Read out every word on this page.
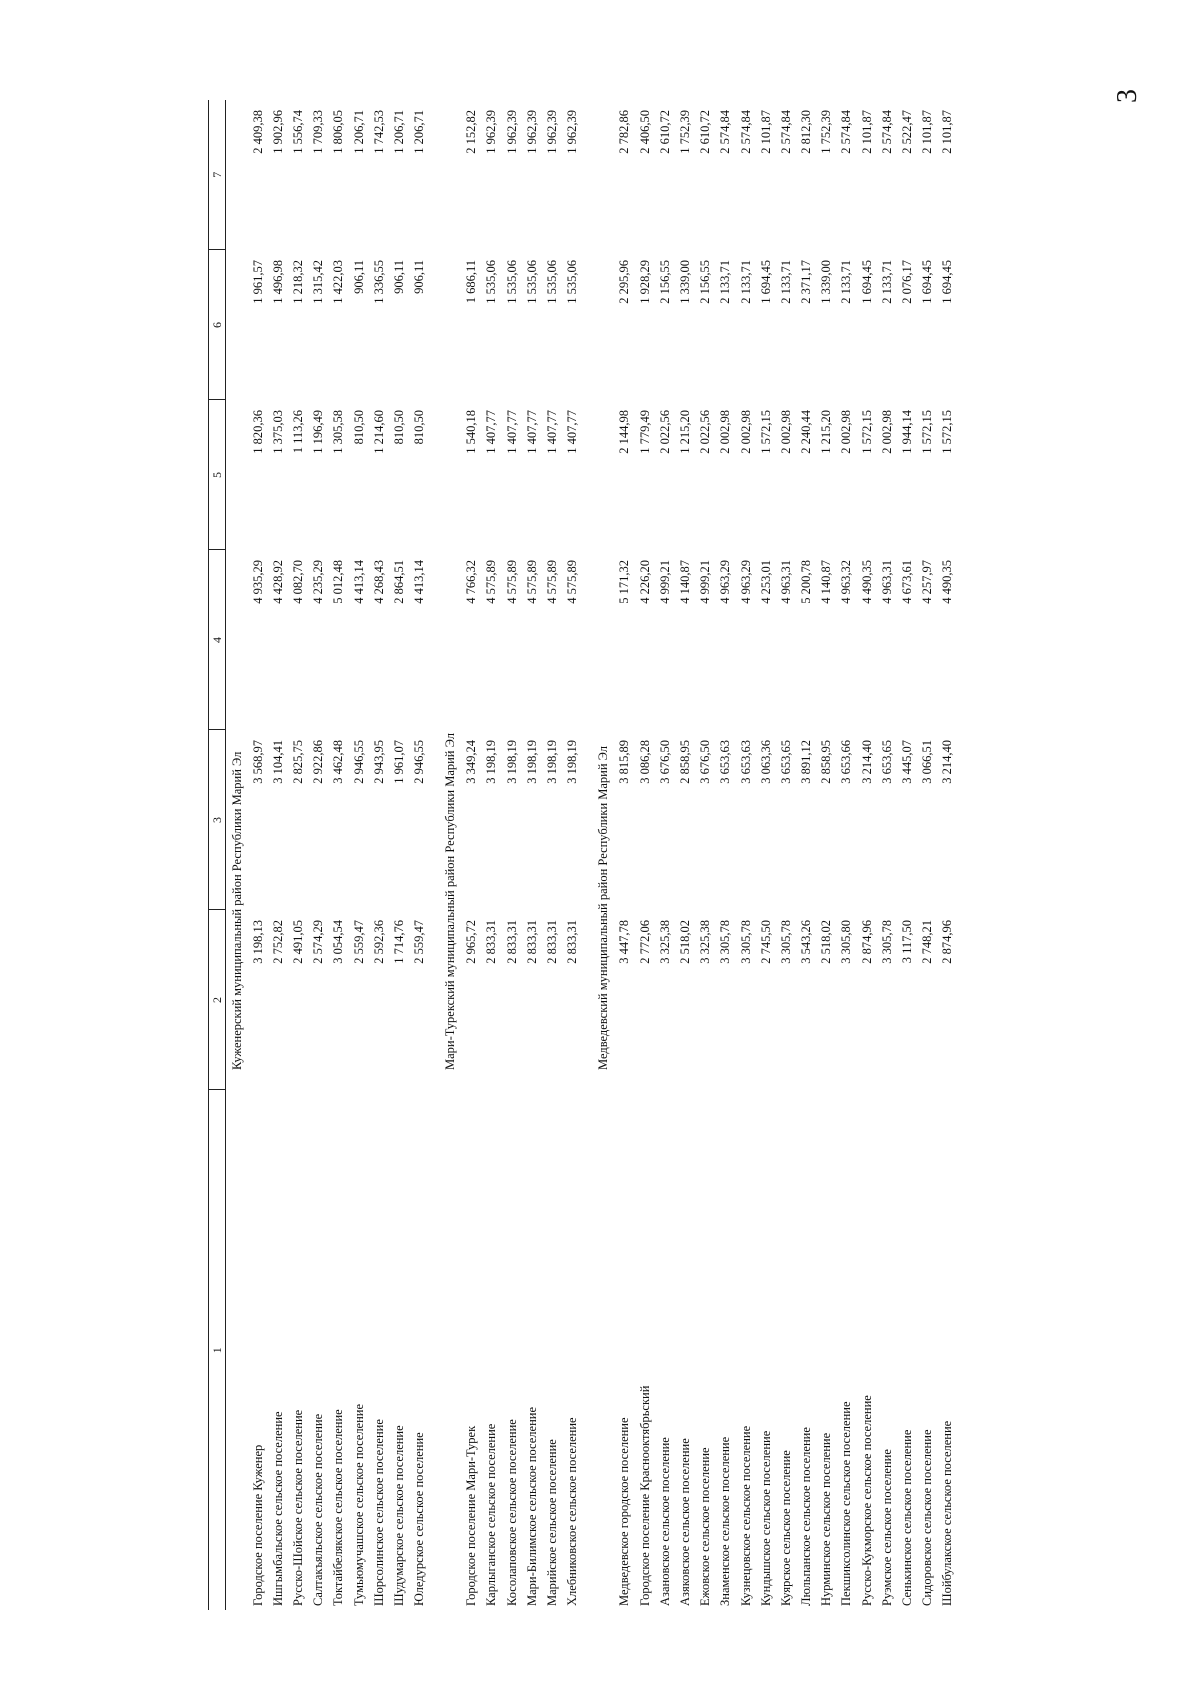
3
1	2	3	4	5	6	7
Куженерский муниципальный район Республики Марий Эл						
Городское поселение Куженер	3 198,13	3 568,97	4 935,29	1 820,36	1 961,57	2 409,38
Ишгымбальское сельское поселение	2 752,82	3 104,41	4 428,92	1 375,03	1 496,98	1 902,96
Русско-Шойское сельское поселение	2 491,05	2 825,75	4 082,70	1 113,26	1 218,32	1 556,74
Салтакъяльское сельское поселение	2 574,29	2 922,86	4 235,29	1 196,49	1 315,42	1 709,33
Токтайбелякское сельское поселение	3 054,54	3 462,48	5 012,48	1 305,58	1 422,03	1 806,05
Тумьюмучашское сельское поселение	2 559,47	2 946,55	4 413,14	810,50	906,11	1 206,71
Шорсолинское сельское поселение	2 592,36	2 943,95	4 268,43	1 214,60	1 336,55	1 742,53
Шудумарское сельское поселение	1 714,76	1 961,07	2 864,51	810,50	906,11	1 206,71
Юледурское сельское поселение	2 559,47	2 946,55	4 413,14	810,50	906,11	1 206,71

Мари-Турекский муниципальный район Республики Марий Эл						
Городское поселение Мари-Турек	2 965,72	3 349,24	4 766,32	1 540,18	1 686,11	2 152,82
Карлыганское сельское поселение	2 833,31	3 198,19	4 575,89	1 407,77	1 535,06	1 962,39
Косолаповское сельское поселение	2 833,31	3 198,19	4 575,89	1 407,77	1 535,06	1 962,39
Мари-Билимское сельское поселение	2 833,31	3 198,19	4 575,89	1 407,77	1 535,06	1 962,39
Марийское сельское поселение	2 833,31	3 198,19	4 575,89	1 407,77	1 535,06	1 962,39
Хлебниковское сельское поселение	2 833,31	3 198,19	4 575,89	1 407,77	1 535,06	1 962,39

Медведевский муниципальный район Республики Марий Эл						
Медведевское городское поселение	3 447,78	3 815,89	5 171,32	2 144,98	2 295,96	2 782,86
Городское поселение Краснооктябрьский	2 772,06	3 086,28	4 226,20	1 779,49	1 928,29	2 406,50
Азановское сельское поселение	3 325,38	3 676,50	4 999,21	2 022,56	2 156,55	2 610,72
Азяковское сельское поселение	2 518,02	2 858,95	4 140,87	1 215,20	1 339,00	1 752,39
Ежовское сельское поселение	3 325,38	3 676,50	4 999,21	2 022,56	2 156,55	2 610,72
Знаменское сельское поселение	3 305,78	3 653,63	4 963,29	2 002,98	2 133,71	2 574,84
Кузнецовское сельское поселение	3 305,78	3 653,63	4 963,29	2 002,98	2 133,71	2 574,84
Кундышское сельское поселение	2 745,50	3 063,36	4 253,01	1 572,15	1 694,45	2 101,87
Куярское сельское поселение	3 305,78	3 653,65	4 963,31	2 002,98	2 133,71	2 574,84
Люльпанское сельское поселение	3 543,26	3 891,12	5 200,78	2 240,44	2 371,17	2 812,30
Нурминское сельское поселение	2 518,02	2 858,95	4 140,87	1 215,20	1 339,00	1 752,39
Пекшиксолинское сельское поселение	3 305,80	3 653,66	4 963,32	2 002,98	2 133,71	2 574,84
Русско-Кукморское сельское поселение	2 874,96	3 214,40	4 490,35	1 572,15	1 694,45	2 101,87
Руэмское сельское поселение	3 305,78	3 653,65	4 963,31	2 002,98	2 133,71	2 574,84
Сенькинское сельское поселение	3 117,50	3 445,07	4 673,61	1 944,14	2 076,17	2 522,47
Сидоровское сельское поселение	2 748,21	3 066,51	4 257,97	1 572,15	1 694,45	2 101,87
Шойбулакское сельское поселение	2 874,96	3 214,40	4 490,35	1 572,15	1 694,45	2 101,87
